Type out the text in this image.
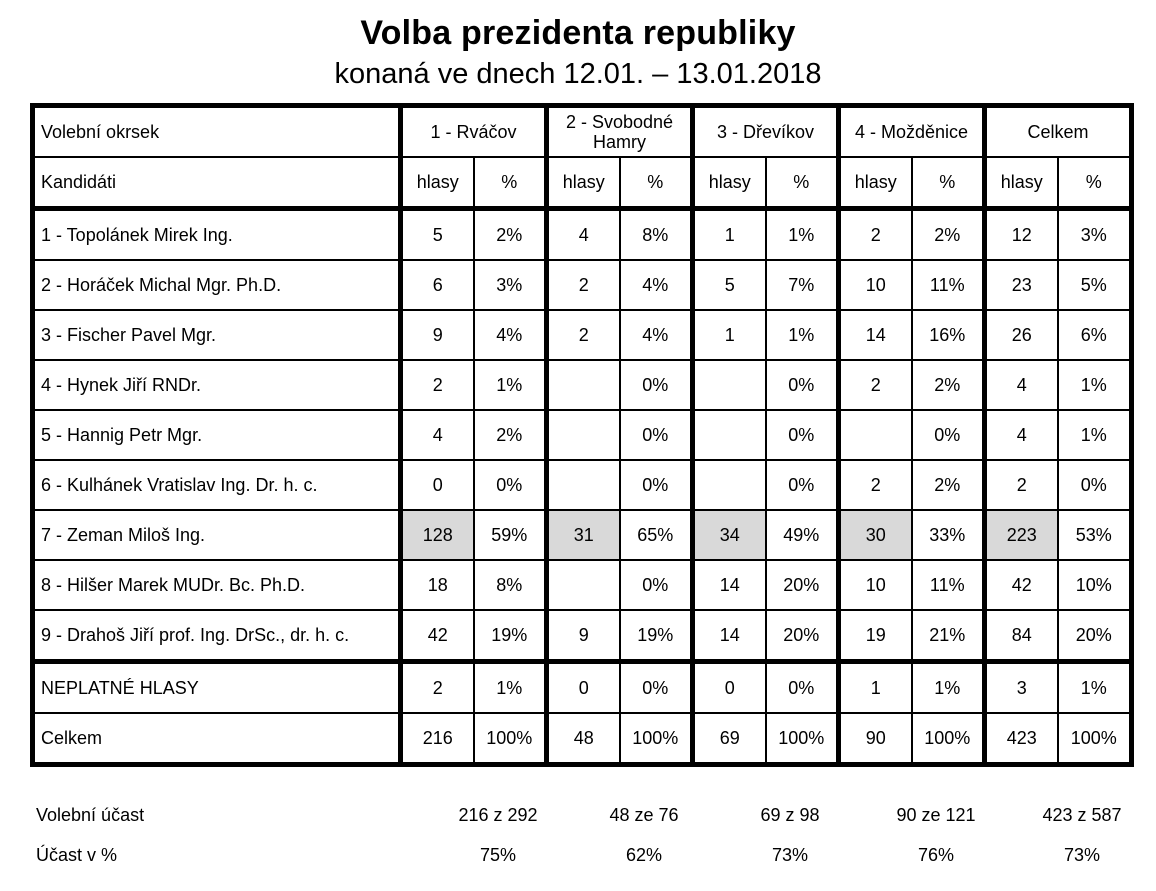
Volba prezidenta republiky
konaná ve dnech 12.01. – 13.01.2018
Volební okrsek	1 - Rváčov		2 - Svobodné Hamry		3 - Dřevíkov		4 - Možděnice		Celkem	
Kandidáti	hlasy	%	hlasy	%	hlasy	%	hlasy	%	hlasy	%
1 - Topolánek Mirek Ing.	5	2%	4	8%	1	1%	2	2%	12	3%
2 - Horáček Michal Mgr. Ph.D.	6	3%	2	4%	5	7%	10	11%	23	5%
3 - Fischer Pavel Mgr.	9	4%	2	4%	1	1%	14	16%	26	6%
4 - Hynek Jiří RNDr.	2	1%		0%		0%	2	2%	4	1%
5 - Hannig Petr Mgr.	4	2%		0%		0%		0%	4	1%
6 - Kulhánek Vratislav Ing. Dr. h. c.	0	0%		0%		0%	2	2%	2	0%
7 - Zeman Miloš Ing.	128	59%	31	65%	34	49%	30	33%	223	53%
8 - Hilšer Marek MUDr. Bc. Ph.D.	18	8%		0%	14	20%	10	11%	42	10%
9 - Drahoš Jiří prof. Ing. DrSc., dr. h. c.	42	19%	9	19%	14	20%	19	21%	84	20%
NEPLATNÉ HLASY	2	1%	0	0%	0	0%	1	1%	3	1%
Celkem	216	100%	48	100%	69	100%	90	100%	423	100%
Volební účast	216 z 292	48 ze 76	69 z 98	90 ze 121	423 z 587
Účast v %	75%	62%	73%	76%	73%
